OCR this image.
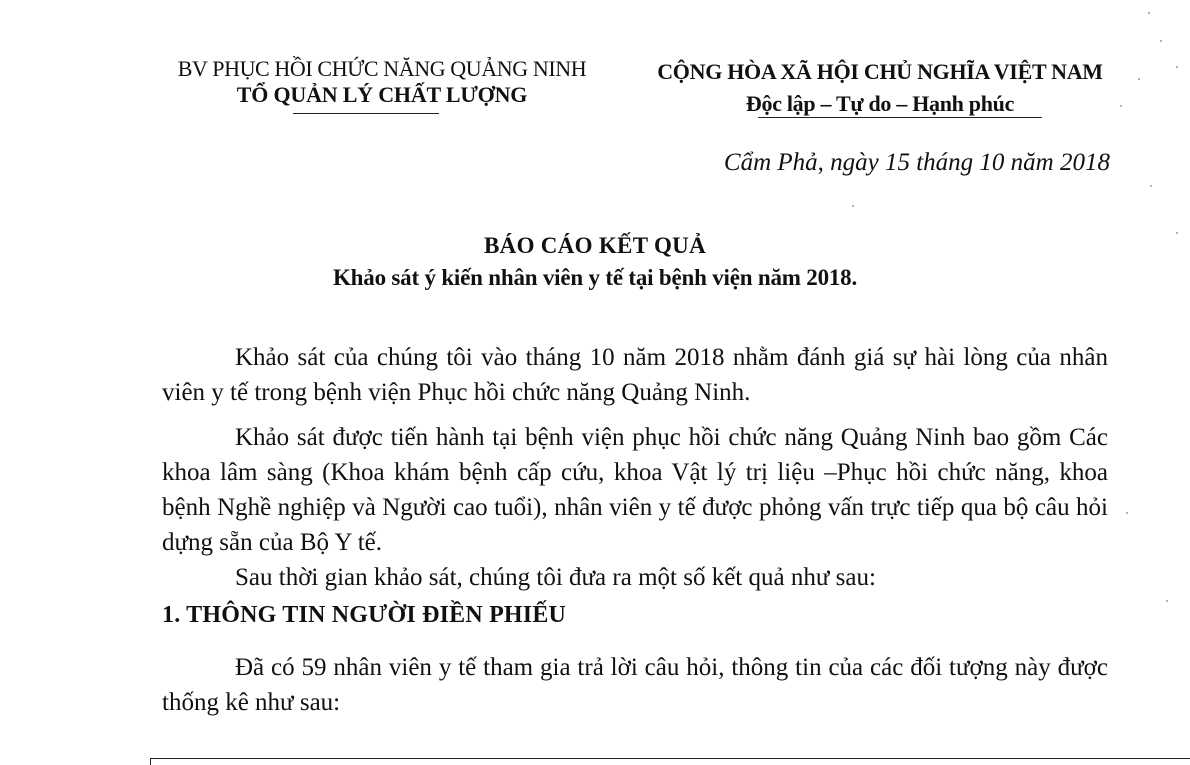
BV PHỤC HỒI CHỨC NĂNG QUẢNG NINH
TỔ QUẢN LÝ CHẤT LƯỢNG
CỘNG HÒA XÃ HỘI CHỦ NGHĨA VIỆT NAM
Độc lập – Tự do – Hạnh phúc
Cẩm Phả, ngày 15 tháng 10 năm 2018
BÁO CÁO KẾT QUẢ
Khảo sát ý kiến nhân viên y tế tại bệnh viện năm 2018.

Khảo sát của chúng tôi vào tháng 10 năm 2018 nhằm đánh giá sự hài lòng của nhân viên y tế trong bệnh viện Phục hồi chức năng Quảng Ninh.

Khảo sát được tiến hành tại bệnh viện phục hồi chức năng Quảng Ninh bao gồm Các khoa lâm sàng (Khoa khám bệnh cấp cứu, khoa Vật lý trị liệu –Phục hồi chức năng, khoa bệnh Nghề nghiệp và Người cao tuổi), nhân viên y tế được phỏng vấn trực tiếp qua bộ câu hỏi dựng sẵn của Bộ Y tế.

Sau thời gian khảo sát, chúng tôi đưa ra một số kết quả như sau:

1. THÔNG TIN NGƯỜI ĐIỀN PHIẾU

Đã có 59 nhân viên y tế tham gia trả lời câu hỏi, thông tin của các đối tượng này được thống kê như sau:
